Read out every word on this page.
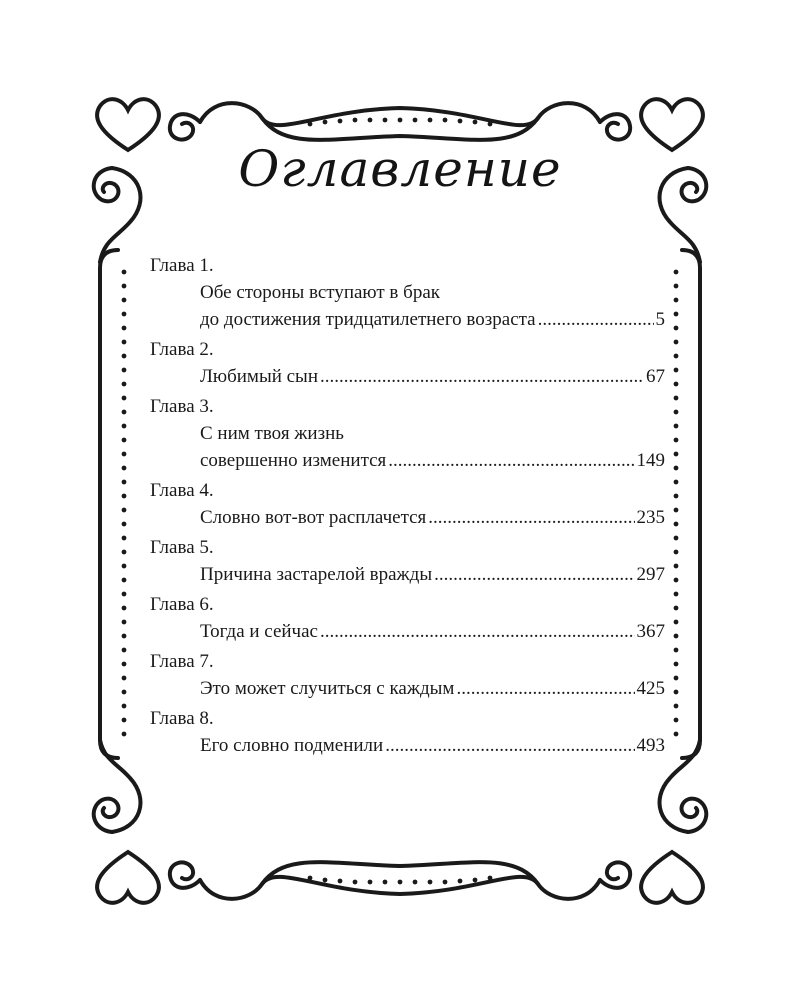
Оглавление
Глава 1.
Обе стороны вступают в брак
до достижения тридцатилетнего возраста .....	5
Глава 2.
Любимый сын .....	67
Глава 3.
С ним твоя жизнь
совершенно изменится .....	149
Глава 4.
Словно вот-вот расплачется .....	235
Глава 5.
Причина застарелой вражды .....	297
Глава 6.
Тогда и сейчас .....	367
Глава 7.
Это может случиться с каждым .....	425
Глава 8.
Его словно подменили .....	493
